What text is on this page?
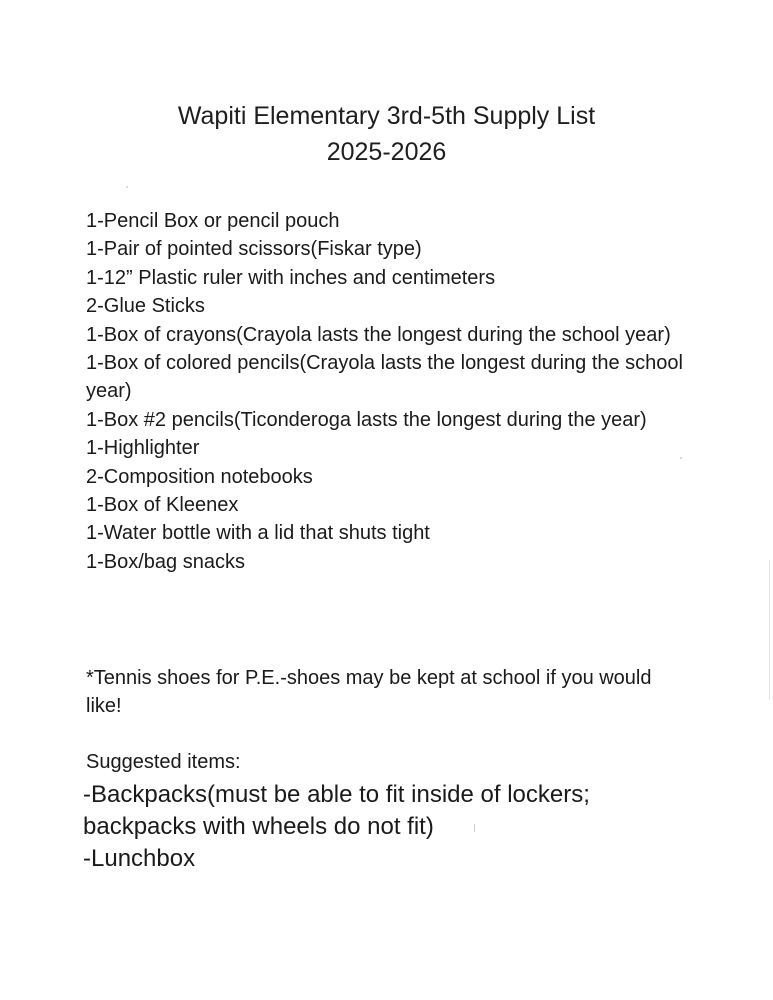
Wapiti Elementary 3rd-5th Supply List
2025-2026
1-Pencil Box or pencil pouch
1-Pair of pointed scissors(Fiskar type)
1-12” Plastic ruler with inches and centimeters
2-Glue Sticks
1-Box of crayons(Crayola lasts the longest during the school year)
1-Box of colored pencils(Crayola lasts the longest during the school year)
1-Box #2 pencils(Ticonderoga lasts the longest during the year)
1-Highlighter
2-Composition notebooks
1-Box of Kleenex
1-Water bottle with a lid that shuts tight
1-Box/bag snacks

*Tennis shoes for P.E.-shoes may be kept at school if you would like!

Suggested items:

-Backpacks(must be able to fit inside of lockers; backpacks with wheels do not fit)
-Lunchbox
